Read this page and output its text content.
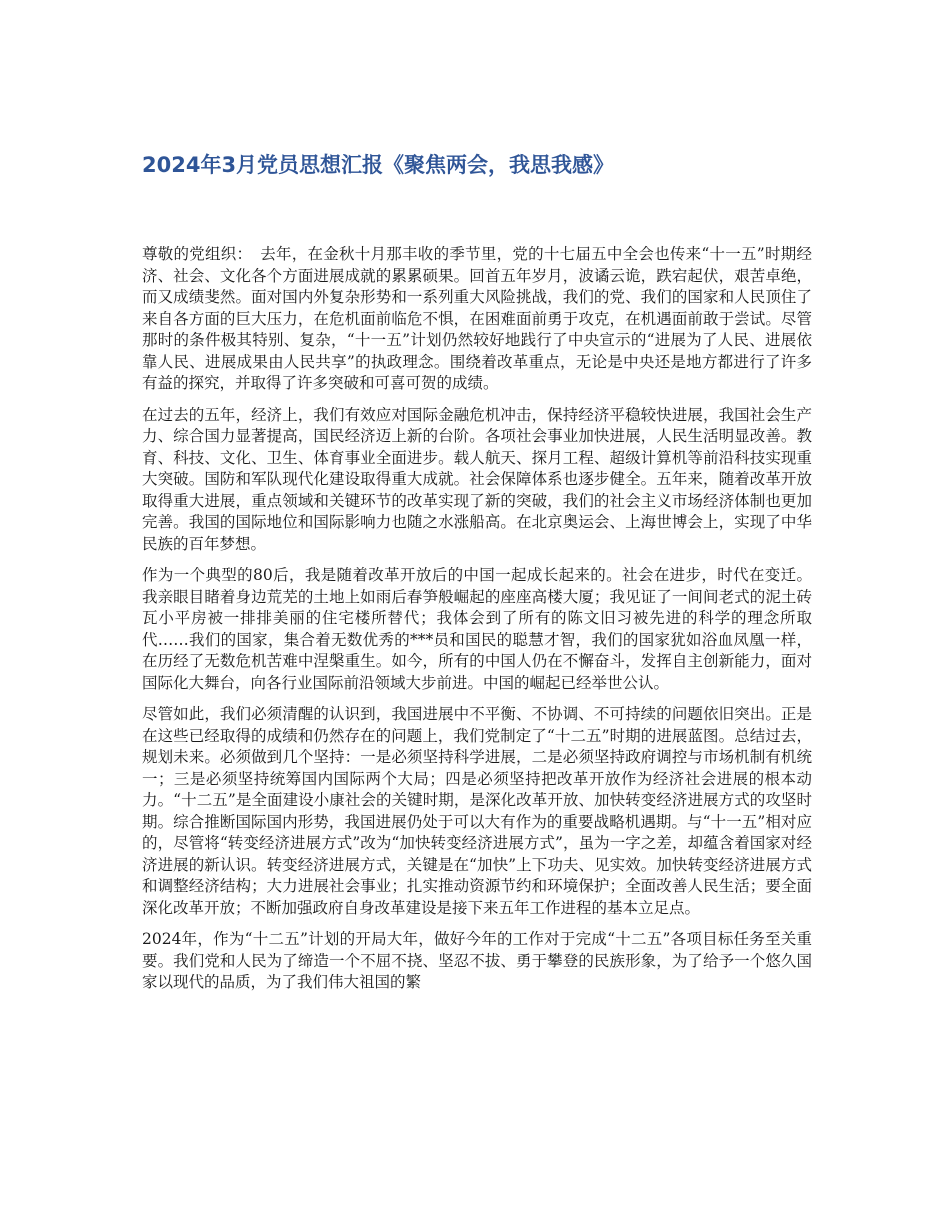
2024年3月党员思想汇报《聚焦两会，我思我感》

尊敬的党组织：　去年，在金秋十月那丰收的季节里，党的十七届五中全会也传来“十一五”时期经济、社会、文化各个方面进展成就的累累硕果。回首五年岁月，波谲云诡，跌宕起伏，艰苦卓绝，而又成绩斐然。面对国内外复杂形势和一系列重大风险挑战，我们的党、我们的国家和人民顶住了来自各方面的巨大压力，在危机面前临危不惧，在困难面前勇于攻克，在机遇面前敢于尝试。尽管那时的条件极其特别、复杂，“十一五”计划仍然较好地践行了中央宣示的“进展为了人民、进展依靠人民、进展成果由人民共享”的执政理念。围绕着改革重点，无论是中央还是地方都进行了许多有益的探究，并取得了许多突破和可喜可贺的成绩。

在过去的五年，经济上，我们有效应对国际金融危机冲击，保持经济平稳较快进展，我国社会生产力、综合国力显著提高，国民经济迈上新的台阶。各项社会事业加快进展，人民生活明显改善。教育、科技、文化、卫生、体育事业全面进步。载人航天、探月工程、超级计算机等前沿科技实现重大突破。国防和军队现代化建设取得重大成就。社会保障体系也逐步健全。五年来，随着改革开放取得重大进展，重点领域和关键环节的改革实现了新的突破，我们的社会主义市场经济体制也更加完善。我国的国际地位和国际影响力也随之水涨船高。在北京奥运会、上海世博会上，实现了中华民族的百年梦想。

作为一个典型的80后，我是随着改革开放后的中国一起成长起来的。社会在进步，时代在变迁。我亲眼目睹着身边荒芜的土地上如雨后春笋般崛起的座座高楼大厦；我见证了一间间老式的泥土砖瓦小平房被一排排美丽的住宅楼所替代；我体会到了所有的陈文旧习被先进的科学的理念所取代……我们的国家，集合着无数优秀的***员和国民的聪慧才智，我们的国家犹如浴血凤凰一样，在历经了无数危机苦难中涅槃重生。如今，所有的中国人仍在不懈奋斗，发挥自主创新能力，面对国际化大舞台，向各行业国际前沿领域大步前进。中国的崛起已经举世公认。

尽管如此，我们必须清醒的认识到，我国进展中不平衡、不协调、不可持续的问题依旧突出。正是在这些已经取得的成绩和仍然存在的问题上，我们党制定了“十二五”时期的进展蓝图。总结过去，规划未来。必须做到几个坚持：一是必须坚持科学进展，二是必须坚持政府调控与市场机制有机统一；三是必须坚持统筹国内国际两个大局；四是必须坚持把改革开放作为经济社会进展的根本动力。“十二五”是全面建设小康社会的关键时期，是深化改革开放、加快转变经济进展方式的攻坚时期。综合推断国际国内形势，我国进展仍处于可以大有作为的重要战略机遇期。与“十一五”相对应的，尽管将“转变经济进展方式”改为“加快转变经济进展方式”，虽为一字之差，却蕴含着国家对经济进展的新认识。转变经济进展方式，关键是在“加快”上下功夫、见实效。加快转变经济进展方式和调整经济结构；大力进展社会事业；扎实推动资源节约和环境保护；全面改善人民生活；要全面深化改革开放；不断加强政府自身改革建设是接下来五年工作进程的基本立足点。

2024年，作为“十二五”计划的开局大年，做好今年的工作对于完成“十二五”各项目标任务至关重要。我们党和人民为了缔造一个不屈不挠、坚忍不拔、勇于攀登的民族形象，为了给予一个悠久国家以现代的品质，为了我们伟大祖国的繁
